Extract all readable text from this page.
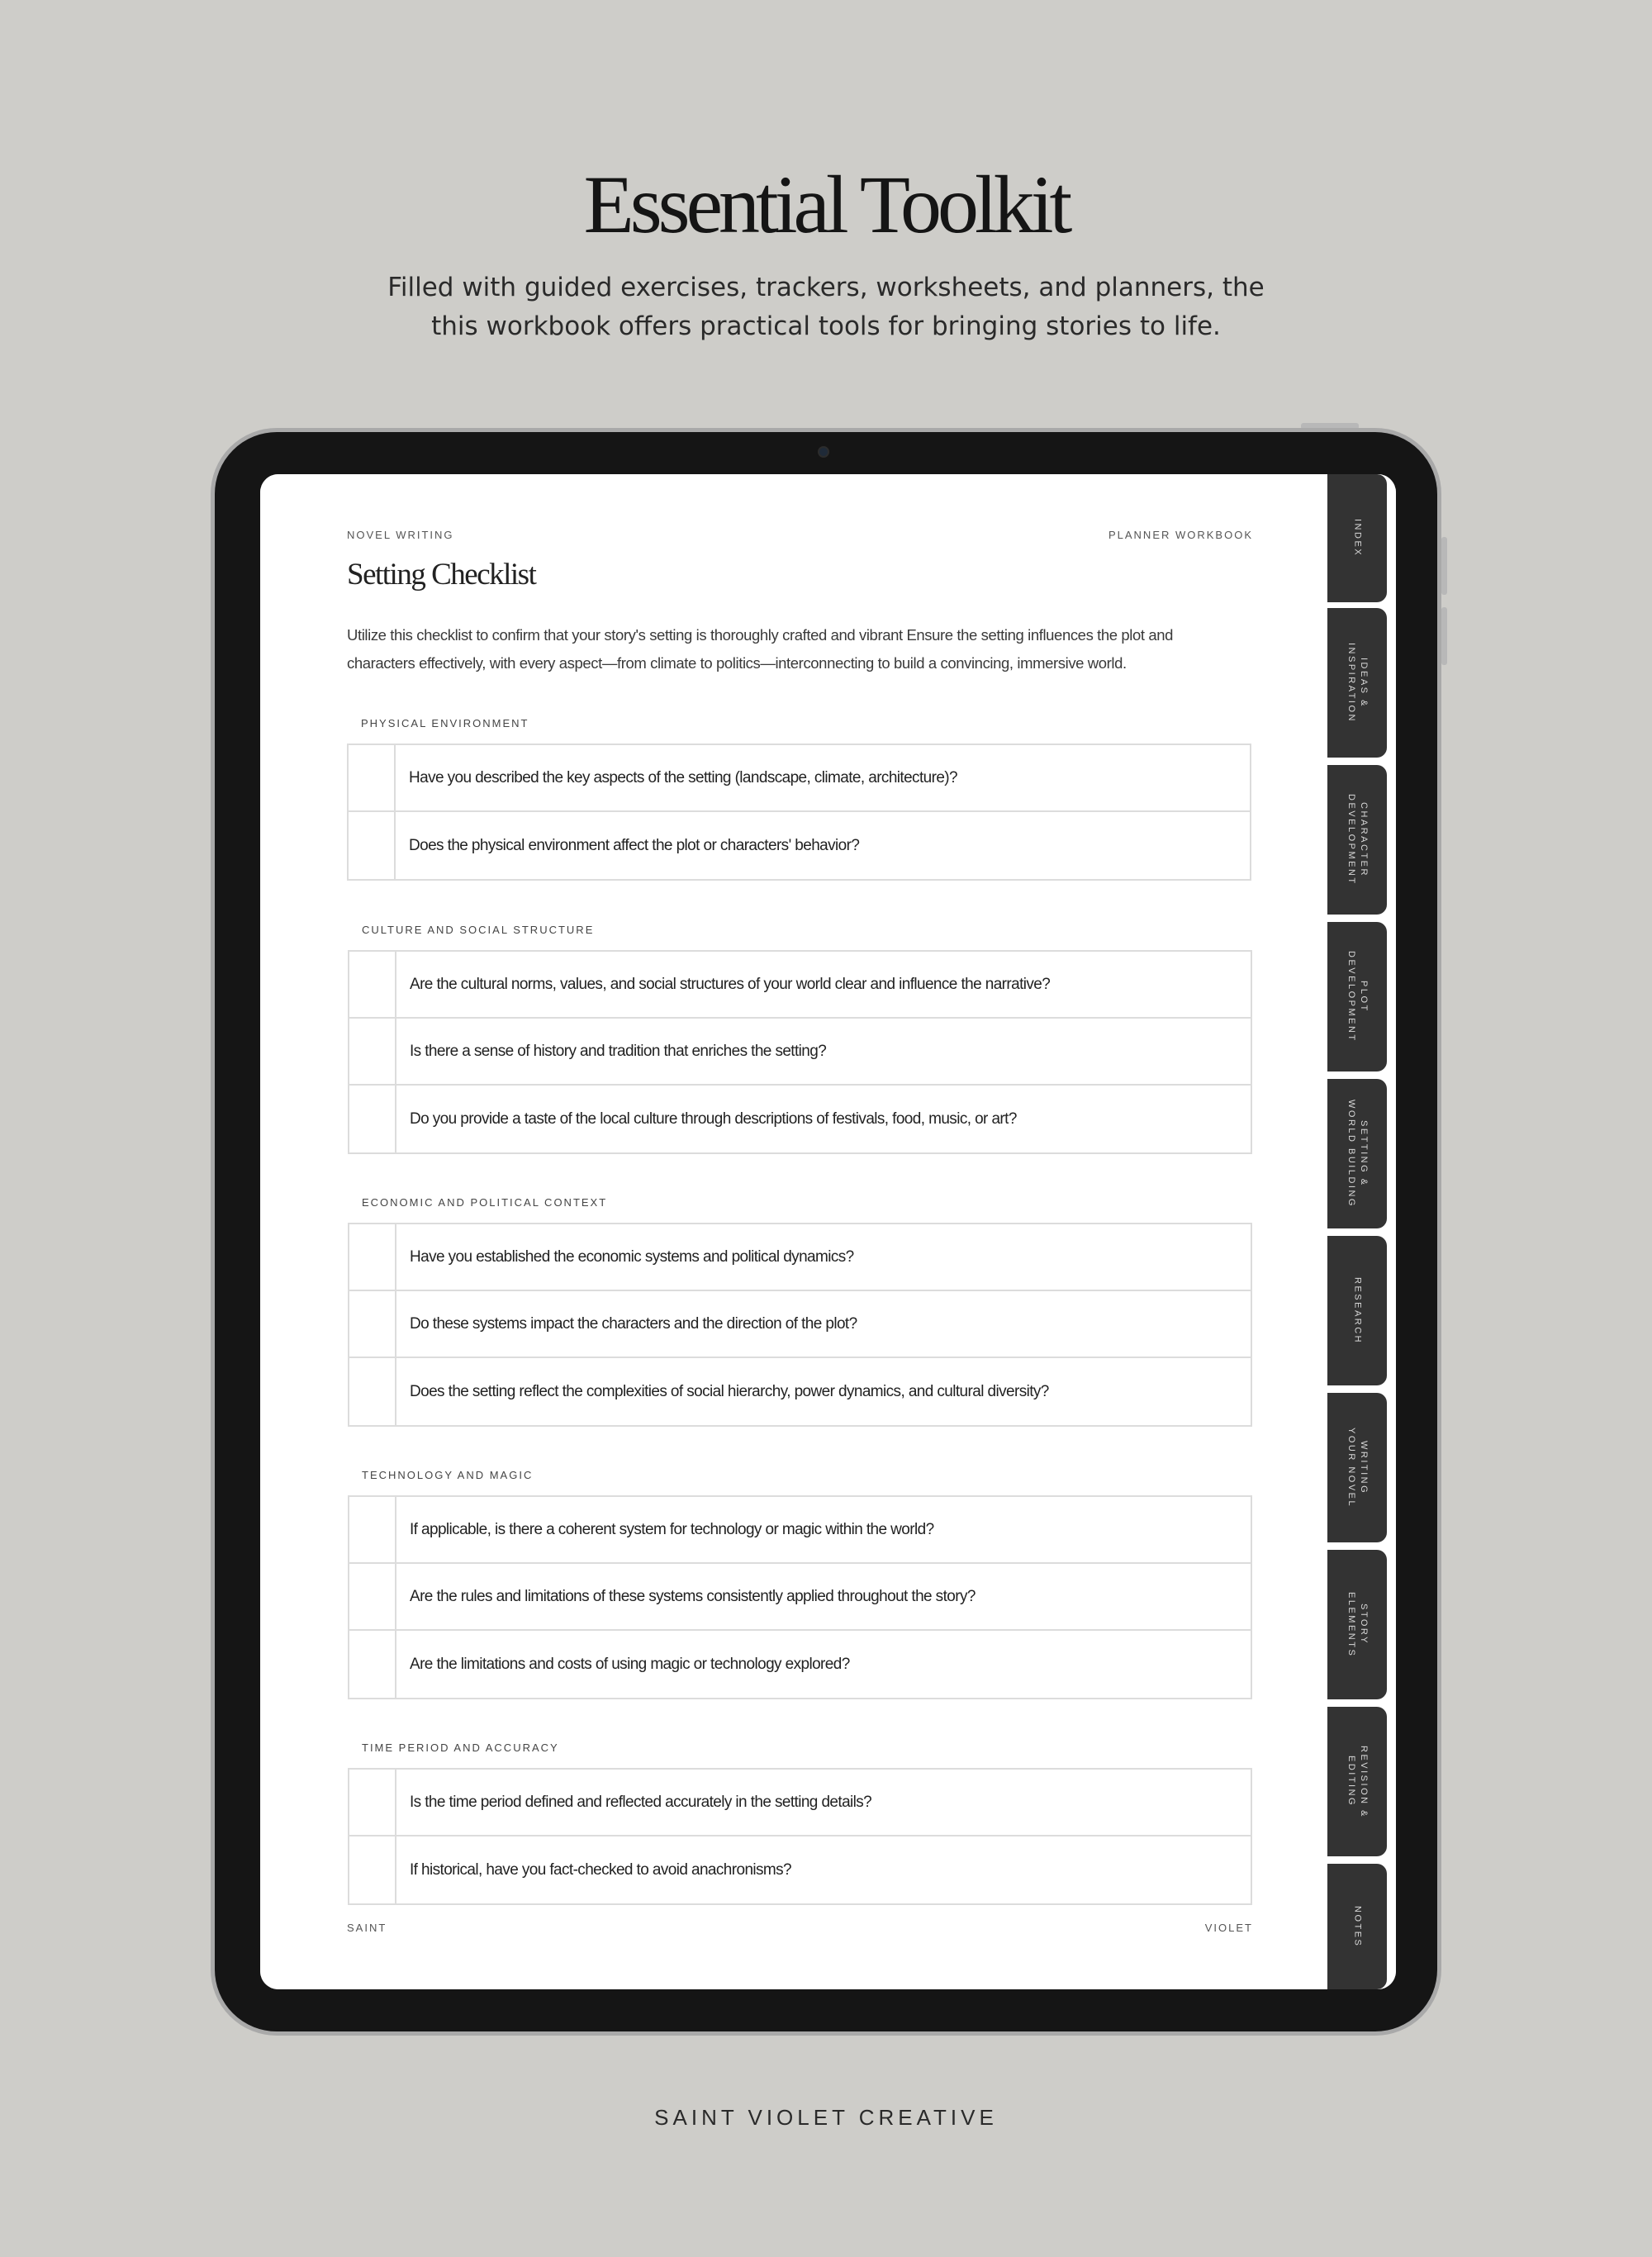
Essential Toolkit
Filled with guided exercises, trackers, worksheets, and planners, the
this workbook offers practical tools for bringing stories to life.
NOVEL WRITING	PLANNER WORKBOOK
Setting Checklist
Utilize this checklist to confirm that your story's setting is thoroughly crafted and vibrant Ensure the setting influences the plot and
characters effectively, with every aspect—from climate to politics—interconnecting to build a convincing, immersive world.
PHYSICAL ENVIRONMENT
Have you described the key aspects of the setting (landscape, climate, architecture)?
Does the physical environment affect the plot or characters' behavior?
CULTURE AND SOCIAL STRUCTURE
Are the cultural norms, values, and social structures of your world clear and influence the narrative?
Is there a sense of history and tradition that enriches the setting?
Do you provide a taste of the local culture through descriptions of festivals, food, music, or art?
ECONOMIC AND POLITICAL CONTEXT
Have you established the economic systems and political dynamics?
Do these systems impact the characters and the direction of the plot?
Does the setting reflect the complexities of social hierarchy, power dynamics, and cultural diversity?
TECHNOLOGY AND MAGIC
If applicable, is there a coherent system for technology or magic within the world?
Are the rules and limitations of these systems consistently applied throughout the story?
Are the limitations and costs of using magic or technology explored?
TIME PERIOD AND ACCURACY
Is the time period defined and reflected accurately in the setting details?
If historical, have you fact-checked to avoid anachronisms?
SAINT	VIOLET
INDEX
IDEAS &
INSPIRATION
CHARACTER
DEVELOPMENT
PLOT
DEVELOPMENT
SETTING &
WORLD BUILDING
RESEARCH
WRITING
YOUR NOVEL
STORY
ELEMENTS
REVISION &
EDITING
NOTES
SAINT VIOLET CREATIVE
